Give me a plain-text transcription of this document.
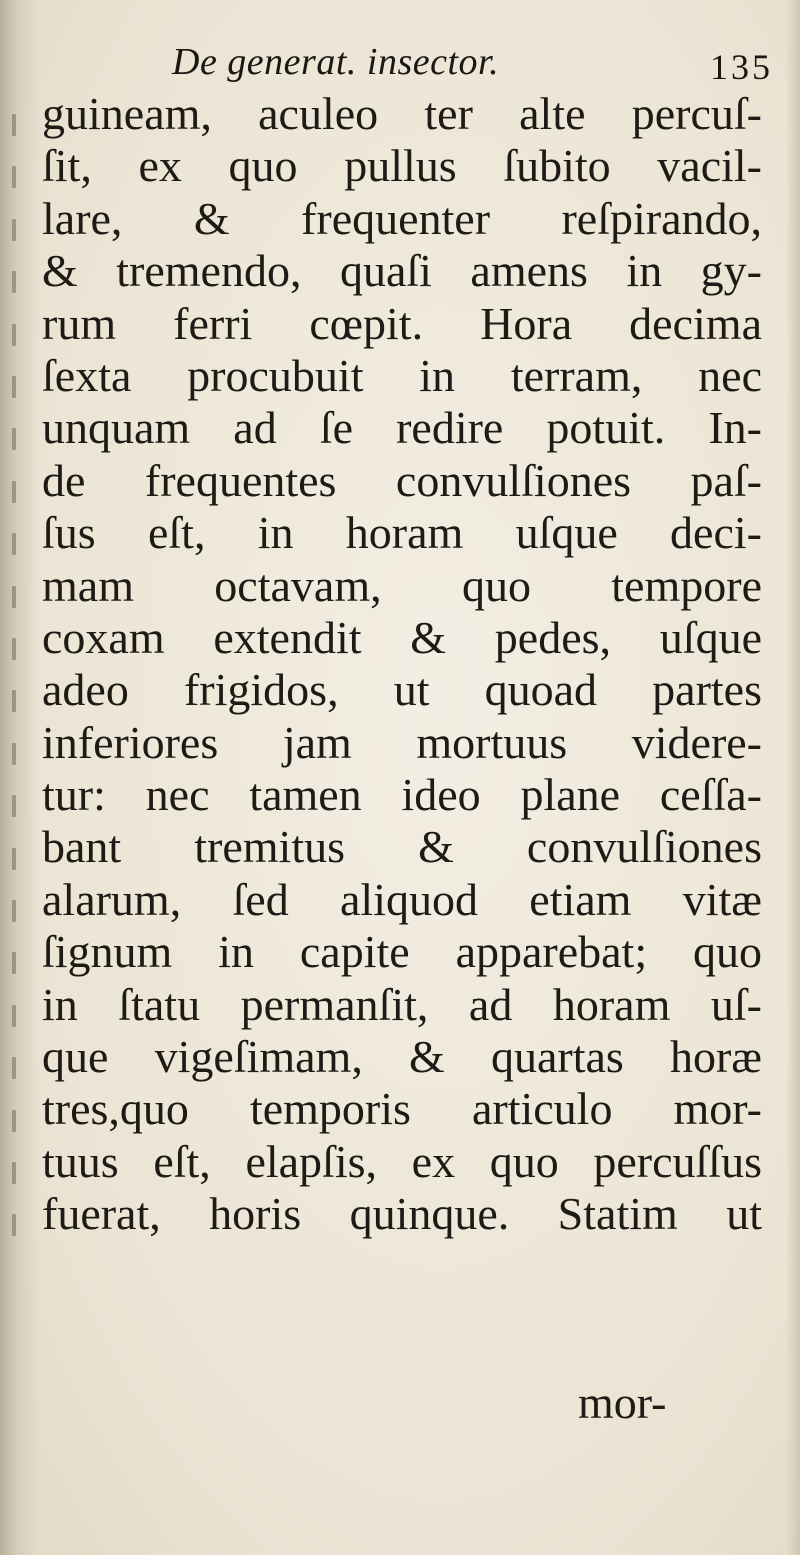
De generat. insector.	135
guineam, aculeo ter alte percuſ-
ſit, ex quo pullus ſubito vacil-
lare, & frequenter reſpirando,
& tremendo, quaſi amens in gy-
rum ferri cœpit. Hora decima
ſexta procubuit in terram, nec
unquam ad ſe redire potuit. In-
de frequentes convulſiones paſ-
ſus eſt, in horam uſque deci-
mam octavam, quo tempore
coxam extendit & pedes, uſque
adeo frigidos, ut quoad partes
inferiores jam mortuus videre-
tur: nec tamen ideo plane ceſſa-
bant tremitus & convulſiones
alarum, ſed aliquod etiam vitæ
ſignum in capite apparebat; quo
in ſtatu permanſit, ad horam uſ-
que vigeſimam, & quartas horæ
tres,quo temporis articulo mor-
tuus eſt, elapſis, ex quo percuſſus
fuerat, horis quinque. Statim ut
mor-
